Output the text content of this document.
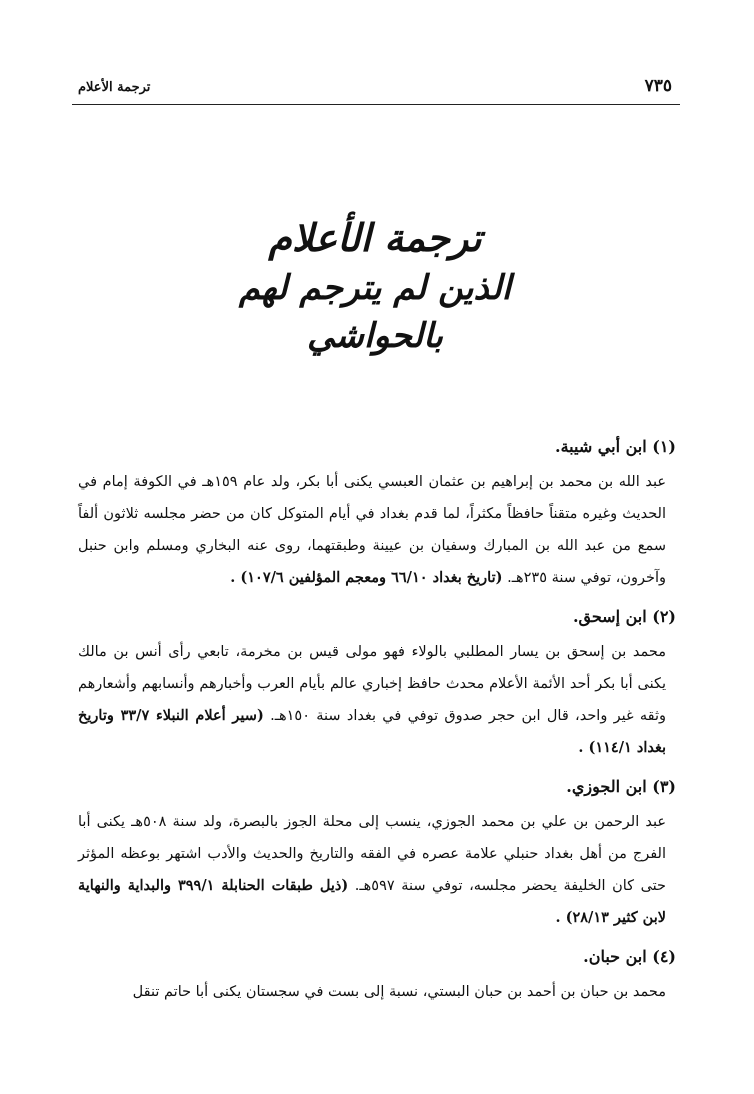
٧٣٥
ترجمة الأعلام
ترجمة الأعلام
الذين لم يترجم لهم بالحواشي
(١) ابن أبي شيبة.
عبد الله بن محمد بن إبراهيم بن عثمان العبسي يكنى أبا بكر، ولد عام ١٥٩هـ في الكوفة إمام في الحديث وغيره متقناً حافظاً مكثراً، لما قدم بغداد في أيام المتوكل كان من حضر مجلسه ثلاثون ألفاً سمع من عبد الله بن المبارك وسفيان بن عيينة وطبقتهما، روى عنه البخاري ومسلم وابن حنبل وآخرون، توفي سنة ٢٣٥هـ. (تاريخ بغداد ٦٦/١٠ ومعجم المؤلفين ١٠٧/٦) .
(٢) ابن إسحق.
محمد بن إسحق بن يسار المطلبي بالولاء فهو مولى قيس بن مخرمة، تابعي رأى أنس بن مالك يكنى أبا بكر أحد الأئمة الأعلام محدث حافظ إخباري عالم بأيام العرب وأخبارهم وأنسابهم وأشعارهم وثقه غير واحد، قال ابن حجر صدوق توفي في بغداد سنة ١٥٠هـ. (سير أعلام النبلاء ٣٣/٧ وتاريخ بغداد ١١٤/١) .
(٣) ابن الجوزي.
عبد الرحمن بن علي بن محمد الجوزي، ينسب إلى محلة الجوز بالبصرة، ولد سنة ٥٠٨هـ يكنى أبا الفرج من أهل بغداد حنبلي علامة عصره في الفقه والتاريخ والحديث والأدب اشتهر بوعظه المؤثر حتى كان الخليفة يحضر مجلسه، توفي سنة ٥٩٧هـ. (ذيل طبقات الحنابلة ٣٩٩/١ والبداية والنهاية لابن كثير ٢٨/١٣) .
(٤) ابن حبان.
محمد بن حبان بن أحمد بن حبان البستي، نسبة إلى بست في سجستان يكنى أبا حاتم تنقل
